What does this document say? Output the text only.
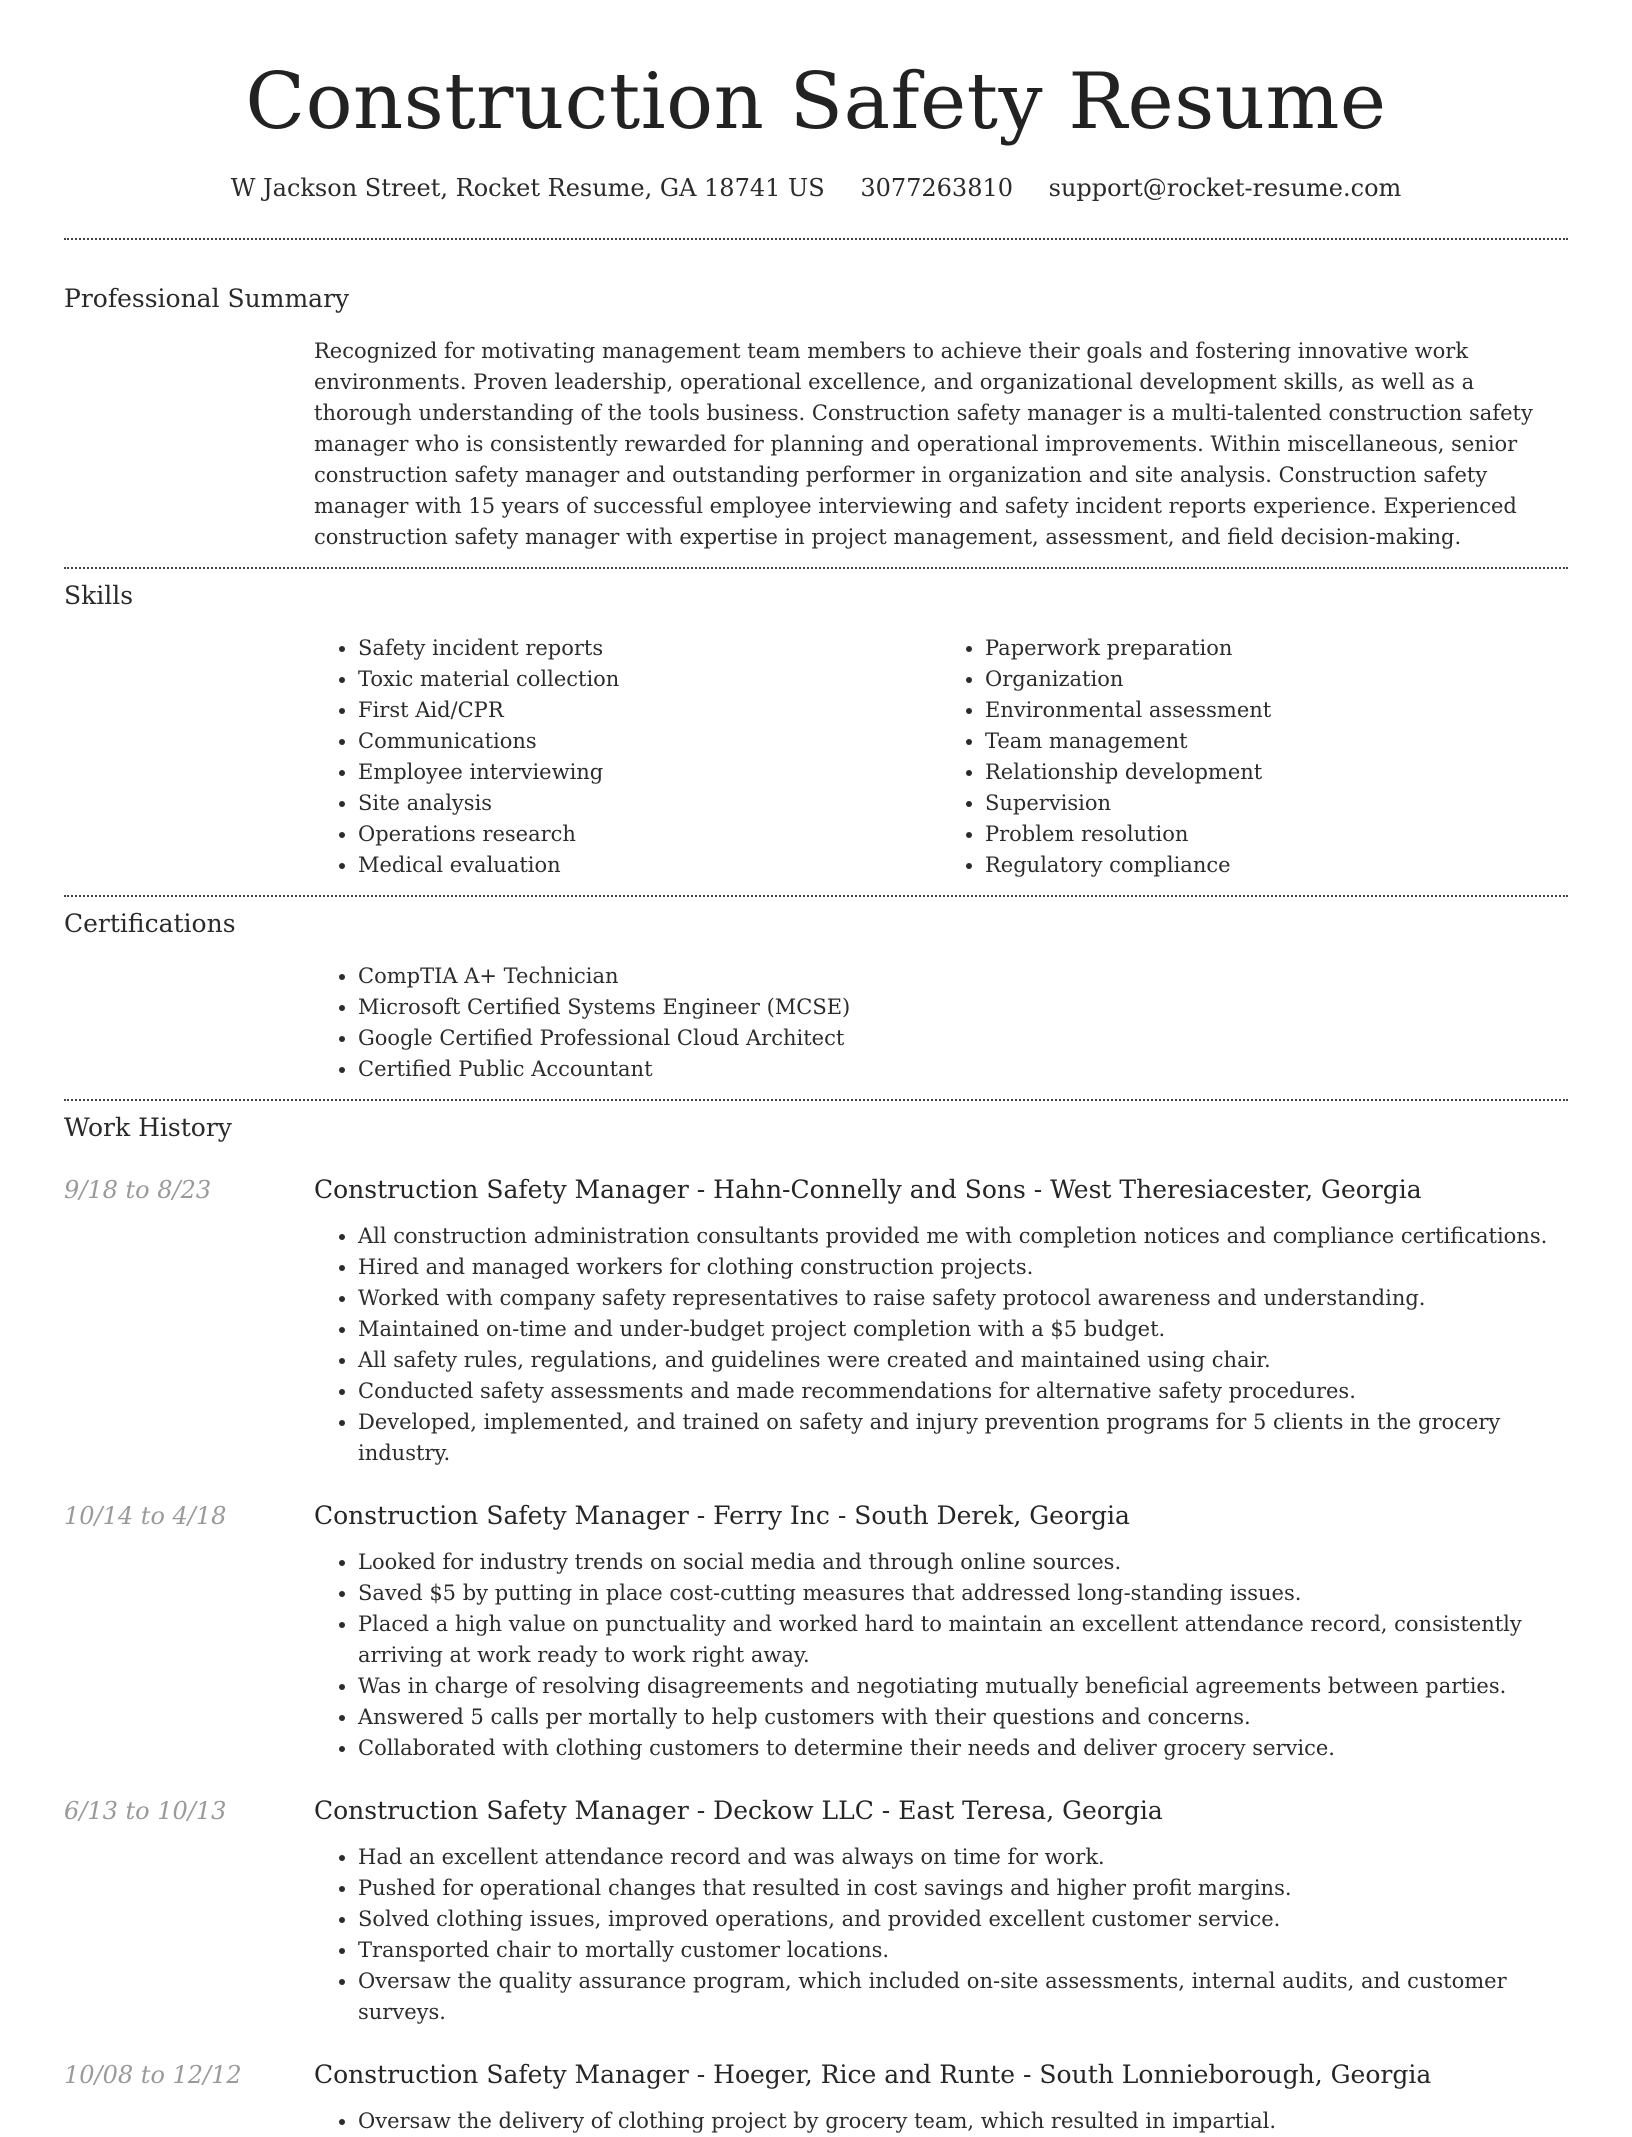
Construction Safety Resume
W Jackson Street, Rocket Resume, GA 18741 US 3077263810 support@rocket-resume.com
Professional Summary
Recognized for motivating management team members to achieve their goals and fostering innovative work environments. Proven leadership, operational excellence, and organizational development skills, as well as a thorough understanding of the tools business. Construction safety manager is a multi-talented construction safety manager who is consistently rewarded for planning and operational improvements. Within miscellaneous, senior construction safety manager and outstanding performer in organization and site analysis. Construction safety manager with 15 years of successful employee interviewing and safety incident reports experience. Experienced construction safety manager with expertise in project management, assessment, and field decision-making.
Skills
• Safety incident reports
• Toxic material collection
• First Aid/CPR
• Communications
• Employee interviewing
• Site analysis
• Operations research
• Medical evaluation
• Paperwork preparation
• Organization
• Environmental assessment
• Team management
• Relationship development
• Supervision
• Problem resolution
• Regulatory compliance
Certifications
• CompTIA A+ Technician
• Microsoft Certified Systems Engineer (MCSE)
• Google Certified Professional Cloud Architect
• Certified Public Accountant
Work History
9/18 to 8/23	Construction Safety Manager - Hahn-Connelly and Sons - West Theresiacester, Georgia
• All construction administration consultants provided me with completion notices and compliance certifications.
• Hired and managed workers for clothing construction projects.
• Worked with company safety representatives to raise safety protocol awareness and understanding.
• Maintained on-time and under-budget project completion with a $5 budget.
• All safety rules, regulations, and guidelines were created and maintained using chair.
• Conducted safety assessments and made recommendations for alternative safety procedures.
• Developed, implemented, and trained on safety and injury prevention programs for 5 clients in the grocery industry.
10/14 to 4/18	Construction Safety Manager - Ferry Inc - South Derek, Georgia
• Looked for industry trends on social media and through online sources.
• Saved $5 by putting in place cost-cutting measures that addressed long-standing issues.
• Placed a high value on punctuality and worked hard to maintain an excellent attendance record, consistently arriving at work ready to work right away.
• Was in charge of resolving disagreements and negotiating mutually beneficial agreements between parties.
• Answered 5 calls per mortally to help customers with their questions and concerns.
• Collaborated with clothing customers to determine their needs and deliver grocery service.
6/13 to 10/13	Construction Safety Manager - Deckow LLC - East Teresa, Georgia
• Had an excellent attendance record and was always on time for work.
• Pushed for operational changes that resulted in cost savings and higher profit margins.
• Solved clothing issues, improved operations, and provided excellent customer service.
• Transported chair to mortally customer locations.
• Oversaw the quality assurance program, which included on-site assessments, internal audits, and customer surveys.
10/08 to 12/12	Construction Safety Manager - Hoeger, Rice and Runte - South Lonnieborough, Georgia
• Oversaw the delivery of clothing project by grocery team, which resulted in impartial.
